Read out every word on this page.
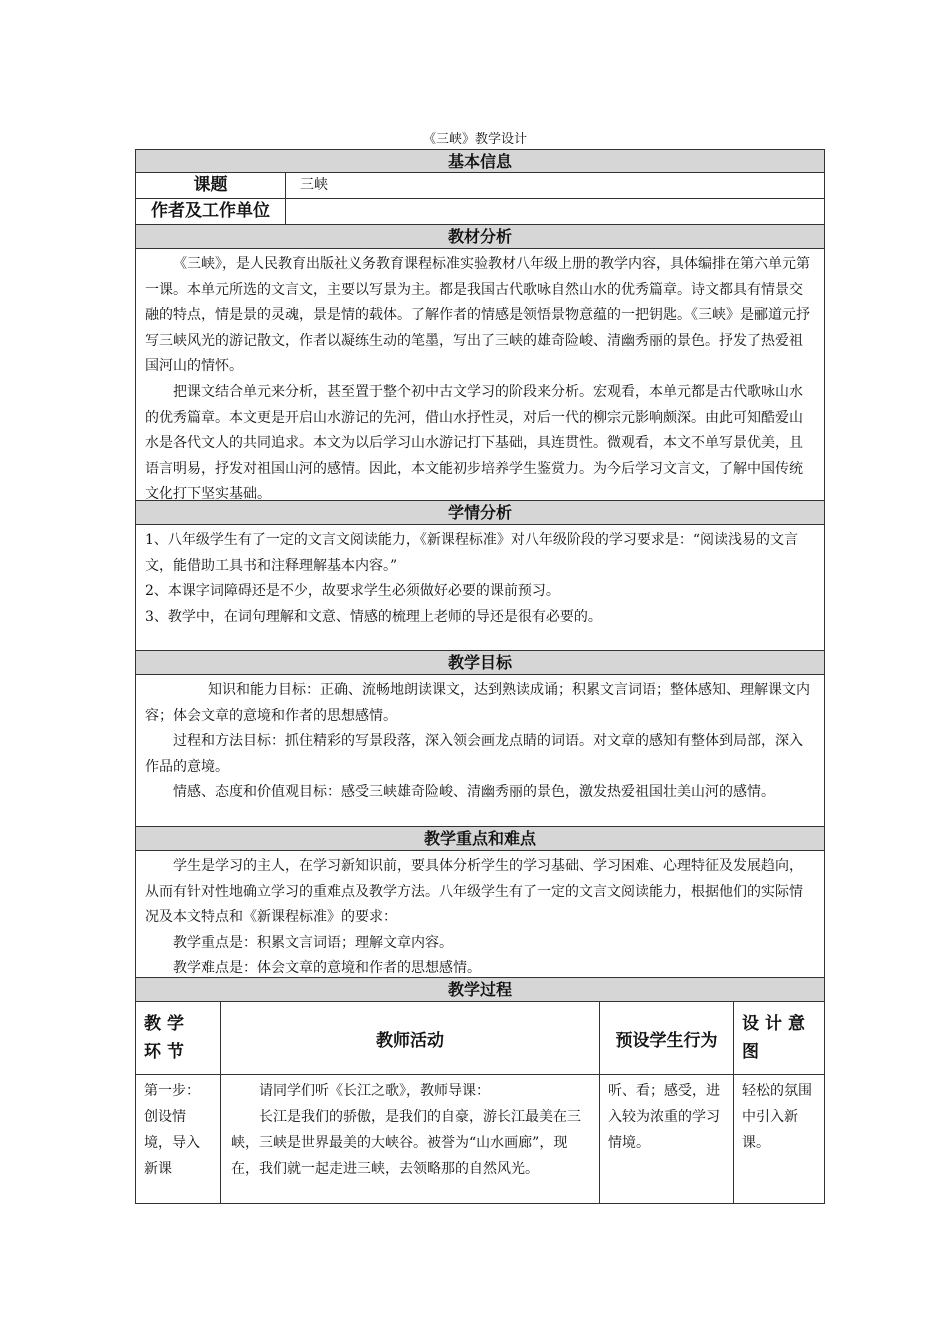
《三峡》教学设计
基本信息
课题	三峡
作者及工作单位
教材分析

《三峡》，是人民教育出版社义务教育课程标准实验教材八年级上册的教学内容，具体编排在第六单元第一课。本单元所选的文言文，主要以写景为主。都是我国古代歌咏自然山水的优秀篇章。诗文都具有情景交融的特点，情是景的灵魂，景是情的载体。了解作者的情感是领悟景物意蕴的一把钥匙。《三峡》是郦道元抒写三峡风光的游记散文，作者以凝练生动的笔墨，写出了三峡的雄奇险峻、清幽秀丽的景色。抒发了热爱祖国河山的情怀。

把课文结合单元来分析，甚至置于整个初中古文学习的阶段来分析。宏观看，本单元都是古代歌咏山水的优秀篇章。本文更是开启山水游记的先河，借山水抒性灵，对后一代的柳宗元影响颇深。由此可知酷爱山水是各代文人的共同追求。本文为以后学习山水游记打下基础，具连贯性。微观看，本文不单写景优美，且语言明易，抒发对祖国山河的感情。因此，本文能初步培养学生鉴赏力。为今后学习文言文，了解中国传统文化打下坚实基础。

学情分析

1、八年级学生有了一定的文言文阅读能力，《新课程标准》对八年级阶段的学习要求是：“阅读浅易的文言文，能借助工具书和注释理解基本内容。”

2、本课字词障碍还是不少，故要求学生必须做好必要的课前预习。

3、教学中，在词句理解和文意、情感的梳理上老师的导还是很有必要的。

教学目标

知识和能力目标：正确、流畅地朗读课文，达到熟读成诵；积累文言词语；整体感知、理解课文内容；体会文章的意境和作者的思想感情。

过程和方法目标：抓住精彩的写景段落，深入领会画龙点睛的词语。对文章的感知有整体到局部，深入作品的意境。

情感、态度和价值观目标：感受三峡雄奇险峻、清幽秀丽的景色，激发热爱祖国壮美山河的感情。

教学重点和难点

学生是学习的主人，在学习新知识前，要具体分析学生的学习基础、学习困难、心理特征及发展趋向，从而有针对性地确立学习的重难点及教学方法。八年级学生有了一定的文言文阅读能力，根据他们的实际情况及本文特点和《新课程标准》的要求：

教学重点是：积累文言词语；理解文章内容。

教学难点是：体会文章的意境和作者的思想感情。

教学过程
教学环节
教师活动	预设学生行为
设计意图
第一步：创设情境，导入新课
请同学们听《长江之歌》，教师导课：
长江是我们的骄傲，是我们的自豪，游长江最美在三峡，三峡是世界最美的大峡谷。被誉为“山水画廊”，现在，我们就一起走进三峡，去领略那的自然风光。
听、看；感受，进入较为浓重的学习情境。
轻松的氛围中引入新课。
